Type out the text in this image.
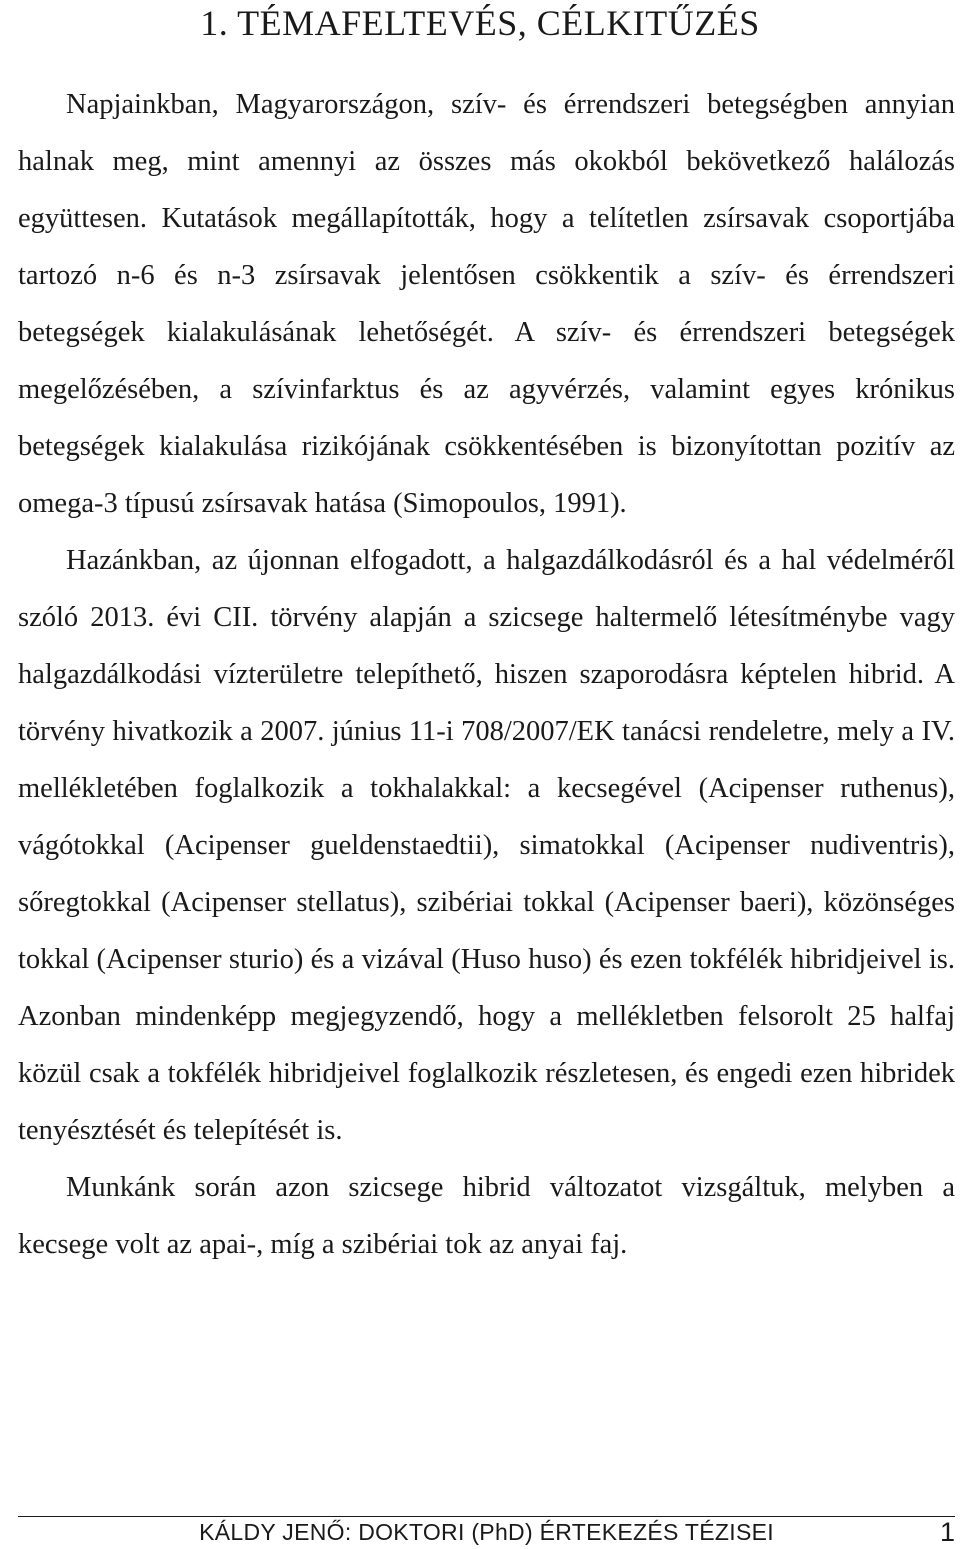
1. TÉMAFELTEVÉS, CÉLKITŰZÉS

Napjainkban, Magyarországon, szív- és érrendszeri betegségben annyian halnak meg, mint amennyi az összes más okokból bekövetkező halálozás együttesen. Kutatások megállapították, hogy a telítetlen zsírsavak csoportjába tartozó n-6 és n-3 zsírsavak jelentősen csökkentik a szív- és érrendszeri betegségek kialakulásának lehetőségét. A szív- és érrendszeri betegségek megelőzésében, a szívinfarktus és az agyvérzés, valamint egyes krónikus betegségek kialakulása rizikójának csökkentésében is bizonyítottan pozitív az omega-3 típusú zsírsavak hatása (Simopoulos, 1991).

Hazánkban, az újonnan elfogadott, a halgazdálkodásról és a hal védelméről szóló 2013. évi CII. törvény alapján a szicsege haltermelő létesítménybe vagy halgazdálkodási vízterületre telepíthető, hiszen szaporodásra képtelen hibrid. A törvény hivatkozik a 2007. június 11-i 708/2007/EK tanácsi rendeletre, mely a IV. mellékletében foglalkozik a tokhalakkal: a kecsegével (Acipenser ruthenus), vágótokkal (Acipenser gueldenstaedtii), simatokkal (Acipenser nudiventris), sőregtokkal (Acipenser stellatus), szibériai tokkal (Acipenser baeri), közönséges tokkal (Acipenser sturio) és a vizával (Huso huso) és ezen tokfélék hibridjeivel is. Azonban mindenképp megjegyzendő, hogy a mellékletben felsorolt 25 halfaj közül csak a tokfélék hibridjeivel foglalkozik részletesen, és engedi ezen hibridek tenyésztését és telepítését is.

Munkánk során azon szicsege hibrid változatot vizsgáltuk, melyben a kecsege volt az apai-, míg a szibériai tok az anyai faj.

KÁLDY JENŐ: DOKTORI (PhD) ÉRTEKEZÉS TÉZISEI	1
